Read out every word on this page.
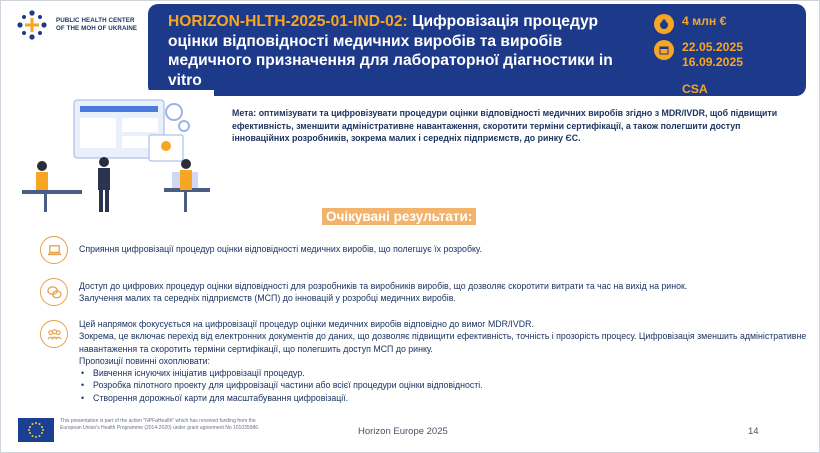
PUBLIC HEALTH CENTER
OF THE MOH OF UKRAINE HORIZON-HLTH-2025-01-IND-02: Цифровізація процедур оцінки відповідності медичних виробів та виробів медичного призначення для лабораторної діагностики in vitro
4 млн €
22.05.2025
16.09.2025
CSA
Мета: оптимізувати та цифровізувати процедури оцінки відповідності медичних виробів згідно з MDR/IVDR, щоб підвищити ефективність, зменшити адміністративне навантаження, скоротити терміни сертифікації, а також полегшити доступ інноваційних розробників, зокрема малих і середніх підприємств, до ринку ЄС.
Очікувані результати:
Сприяння цифровізації процедур оцінки відповідності медичних виробів, що полегшує їх розробку.
Доступ до цифрових процедур оцінки відповідності для розробників та виробників виробів, що дозволяє скоротити витрати та час на вихід на ринок.
Залучення малих та середніх підприємств (МСП) до інновацій у розробці медичних виробів.
Цей напрямок фокусується на цифровізації процедур оцінки медичних виробів відповідно до вимог MDR/IVDR.
Зокрема, це включає перехід від електронних документів до даних, що дозволяє підвищити ефективність, точність і прозорість процесу. Цифровізація зменшить адміністративне навантаження та скоротить терміни сертифікації, що полегшить доступ МСП до ринку.
Пропозиції повинні охоплювати:
• Вивчення існуючих ініціатив цифровізації процедур.
• Розробка пілотного проекту для цифровізації частини або всієї процедури оцінки відповідності.
• Створення дорожньої карти для масштабування цифровізації.
This presentation is part of the action "NPFaHealth" which has received funding from the European Union's Health Programme (2014-2020) under grant agreement No 101035986.	Horizon Europe 2025	14
